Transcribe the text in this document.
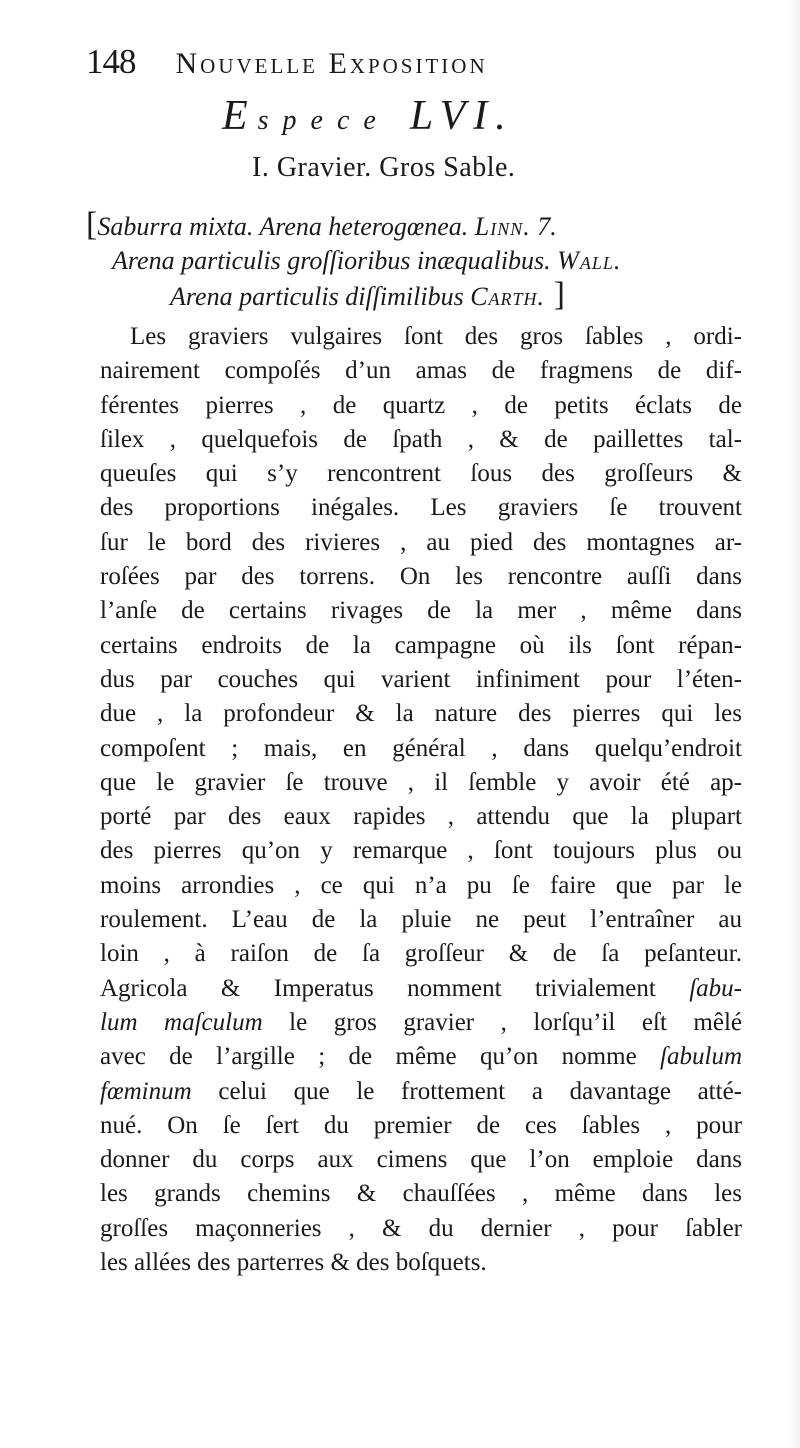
148 Nouvelle Exposition
Espece LVI.
I. Gravier. Gros Sable.
[Saburra mixta. Arena heterogœnea. Linn. 7.
Arena particulis groſſioribus inæqualibus. Wall.
Arena particulis diſſimilibus Carth. ]
Les graviers vulgaires ſont des gros ſables , ordi-
nairement compoſés d’un amas de fragmens de dif-
férentes pierres , de quartz , de petits éclats de
ſilex , quelquefois de ſpath , & de paillettes tal-
queuſes qui s’y rencontrent ſous des groſſeurs &
des proportions inégales. Les graviers ſe trouvent
ſur le bord des rivieres , au pied des montagnes ar-
roſées par des torrens. On les rencontre auſſi dans
l’anſe de certains rivages de la mer , même dans
certains endroits de la campagne où ils ſont répan-
dus par couches qui varient infiniment pour l’éten-
due , la profondeur & la nature des pierres qui les
compoſent ; mais, en général , dans quelqu’endroit
que le gravier ſe trouve , il ſemble y avoir été ap-
porté par des eaux rapides , attendu que la plupart
des pierres qu’on y remarque , ſont toujours plus ou
moins arrondies , ce qui n’a pu ſe faire que par le
roulement. L’eau de la pluie ne peut l’entraîner au
loin , à raiſon de ſa groſſeur & de ſa peſanteur.
Agricola & Imperatus nomment trivialement ſabu-
lum maſculum le gros gravier , lorſqu’il eſt mêlé
avec de l’argille ; de même qu’on nomme ſabulum
fœminum celui que le frottement a davantage atté-
nué. On ſe ſert du premier de ces ſables , pour
donner du corps aux cimens que l’on emploie dans
les grands chemins & chauſſées , même dans les
groſſes maçonneries , & du dernier , pour ſabler
les allées des parterres & des boſquets.
